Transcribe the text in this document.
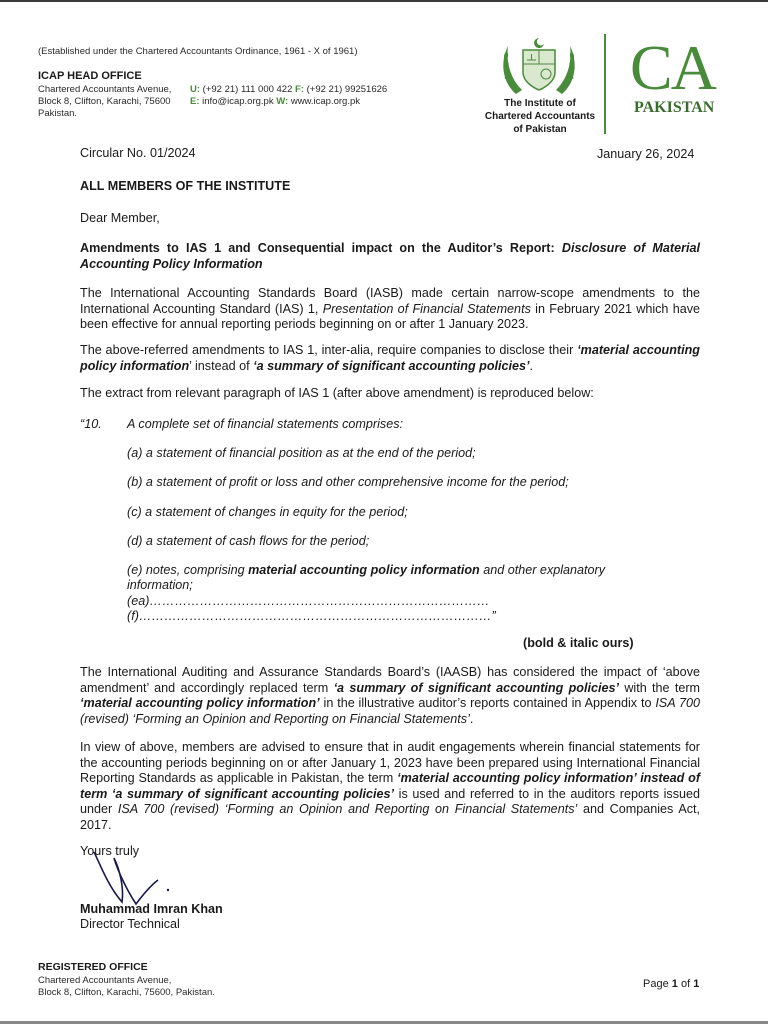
(Established under the Chartered Accountants Ordinance, 1961 - X of 1961)
ICAP HEAD OFFICE
Chartered Accountants Avenue,
Block 8, Clifton, Karachi, 75600
Pakistan.
U: (+92 21) 111 000 422 F: (+92 21) 99251626
E: info@icap.org.pk W: www.icap.org.pk	The Institute of
Chartered Accountants
of Pakistan
CA
PAKISTAN
Circular No. 01/2024	January 26, 2024
ALL MEMBERS OF THE INSTITUTE
Dear Member,
Amendments to IAS 1 and Consequential impact on the Auditor’s Report: Disclosure of Material Accounting Policy Information
The International Accounting Standards Board (IASB) made certain narrow-scope amendments to the International Accounting Standard (IAS) 1, Presentation of Financial Statements in February 2021 which have been effective for annual reporting periods beginning on or after 1 January 2023.
The above-referred amendments to IAS 1, inter-alia, require companies to disclose their ‘material accounting policy information’ instead of ‘a summary of significant accounting policies’.
The extract from relevant paragraph of IAS 1 (after above amendment) is reproduced below:
“10. A complete set of financial statements comprises:
(a) a statement of financial position as at the end of the period;
(b) a statement of profit or loss and other comprehensive income for the period;
(c) a statement of changes in equity for the period;
(d) a statement of cash flows for the period;
(e) notes, comprising material accounting policy information and other explanatory information;
(ea)………………………………………………………………………
(f)…………………………………………………………………………”
(bold & italic ours)
The International Auditing and Assurance Standards Board’s (IAASB) has considered the impact of ‘above amendment’ and accordingly replaced term ‘a summary of significant accounting policies’ with the term ‘material accounting policy information’ in the illustrative auditor’s reports contained in Appendix to ISA 700 (revised) ‘Forming an Opinion and Reporting on Financial Statements’.
In view of above, members are advised to ensure that in audit engagements wherein financial statements for the accounting periods beginning on or after January 1, 2023 have been prepared using International Financial Reporting Standards as applicable in Pakistan, the term ‘material accounting policy information’ instead of term ‘a summary of significant accounting policies’ is used and referred to in the auditors reports issued under ISA 700 (revised) ‘Forming an Opinion and Reporting on Financial Statements’ and Companies Act, 2017.
Yours truly
Muhammad Imran Khan
Director Technical
REGISTERED OFFICE
Chartered Accountants Avenue,
Block 8, Clifton, Karachi, 75600, Pakistan.
Page 1 of 1
